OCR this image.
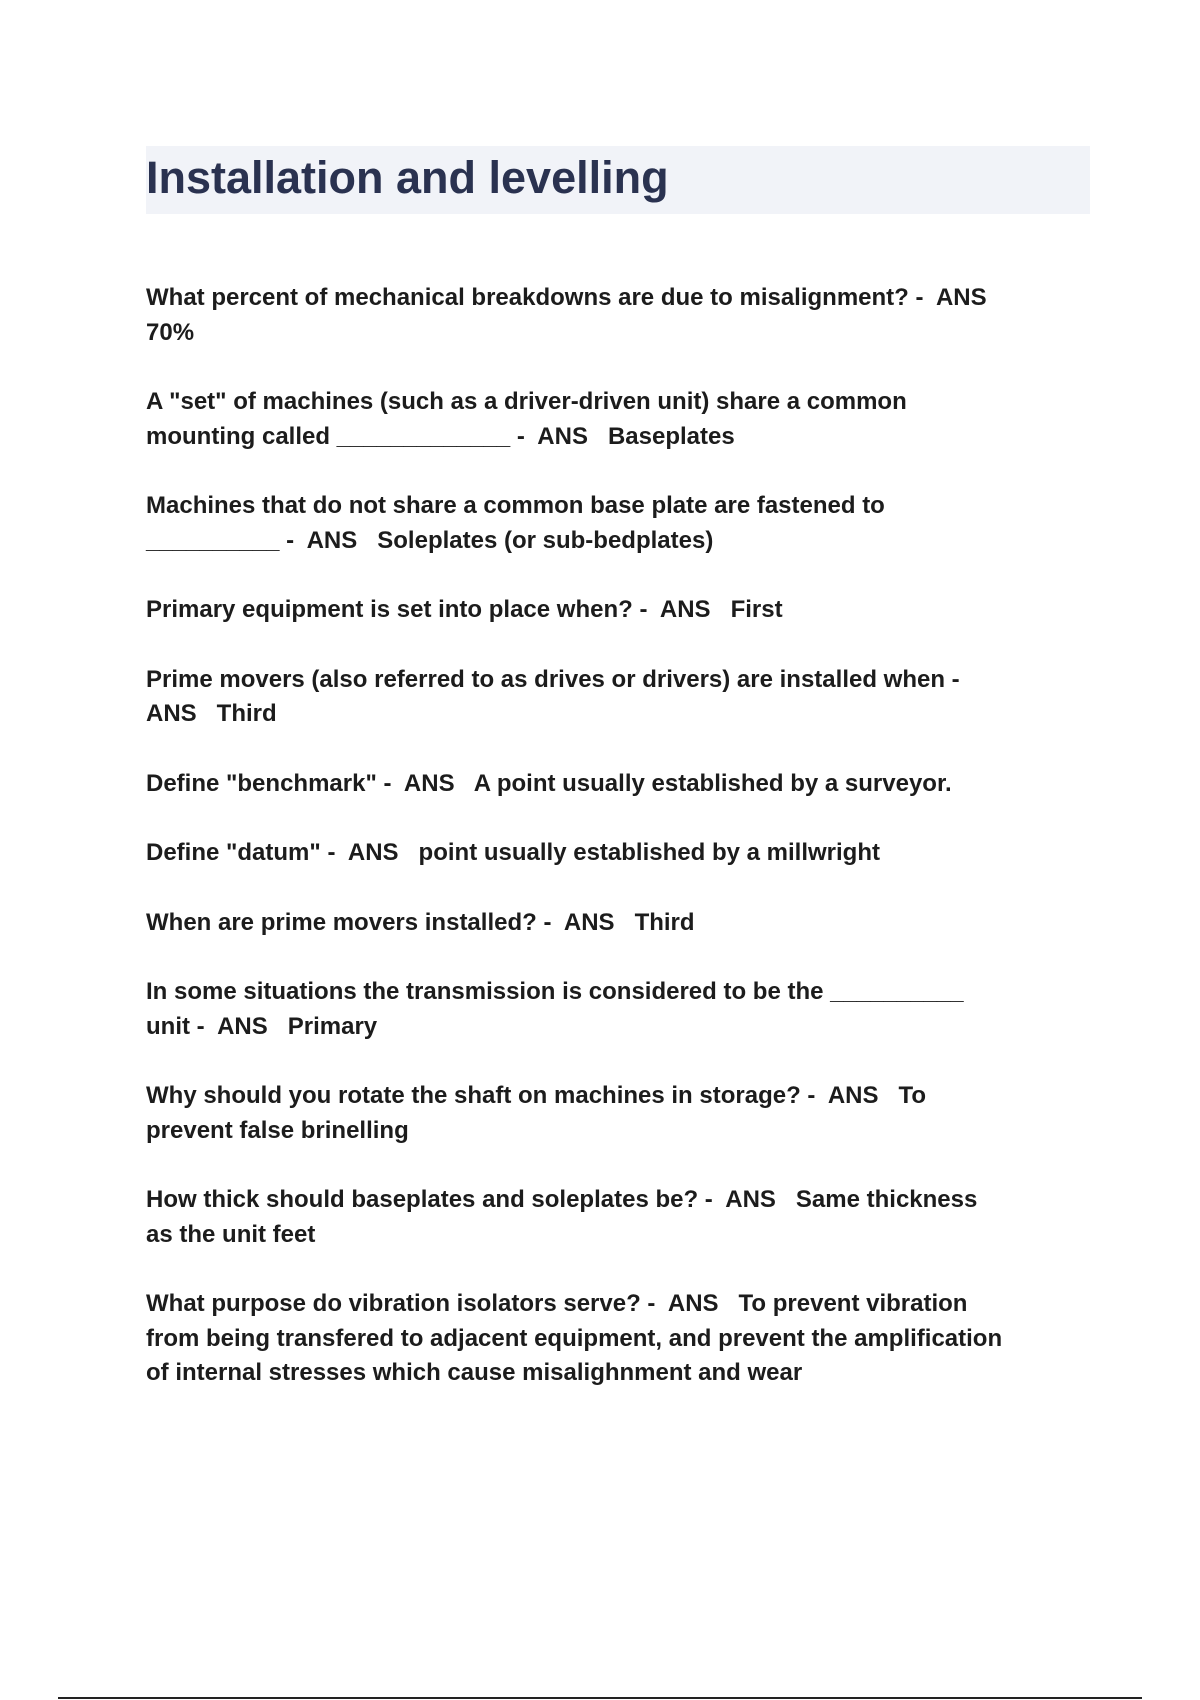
Installation and levelling

What percent of mechanical breakdowns are due to misalignment? -  ANS
70%

A "set" of machines (such as a driver-driven unit) share a common
mounting called _____________ -  ANS   Baseplates

Machines that do not share a common base plate are fastened to
__________ -  ANS   Soleplates (or sub-bedplates)

Primary equipment is set into place when? -  ANS   First

Prime movers (also referred to as drives or drivers) are installed when -
ANS   Third

Define "benchmark" -  ANS   A point usually established by a surveyor.

Define "datum" -  ANS   point usually established by a millwright

When are prime movers installed? -  ANS   Third

In some situations the transmission is considered to be the __________
unit -  ANS   Primary

Why should you rotate the shaft on machines in storage? -  ANS   To
prevent false brinelling

How thick should baseplates and soleplates be? -  ANS   Same thickness
as the unit feet

What purpose do vibration isolators serve? -  ANS   To prevent vibration
from being transfered to adjacent equipment, and prevent the amplification
of internal stresses which cause misalighnment and wear
